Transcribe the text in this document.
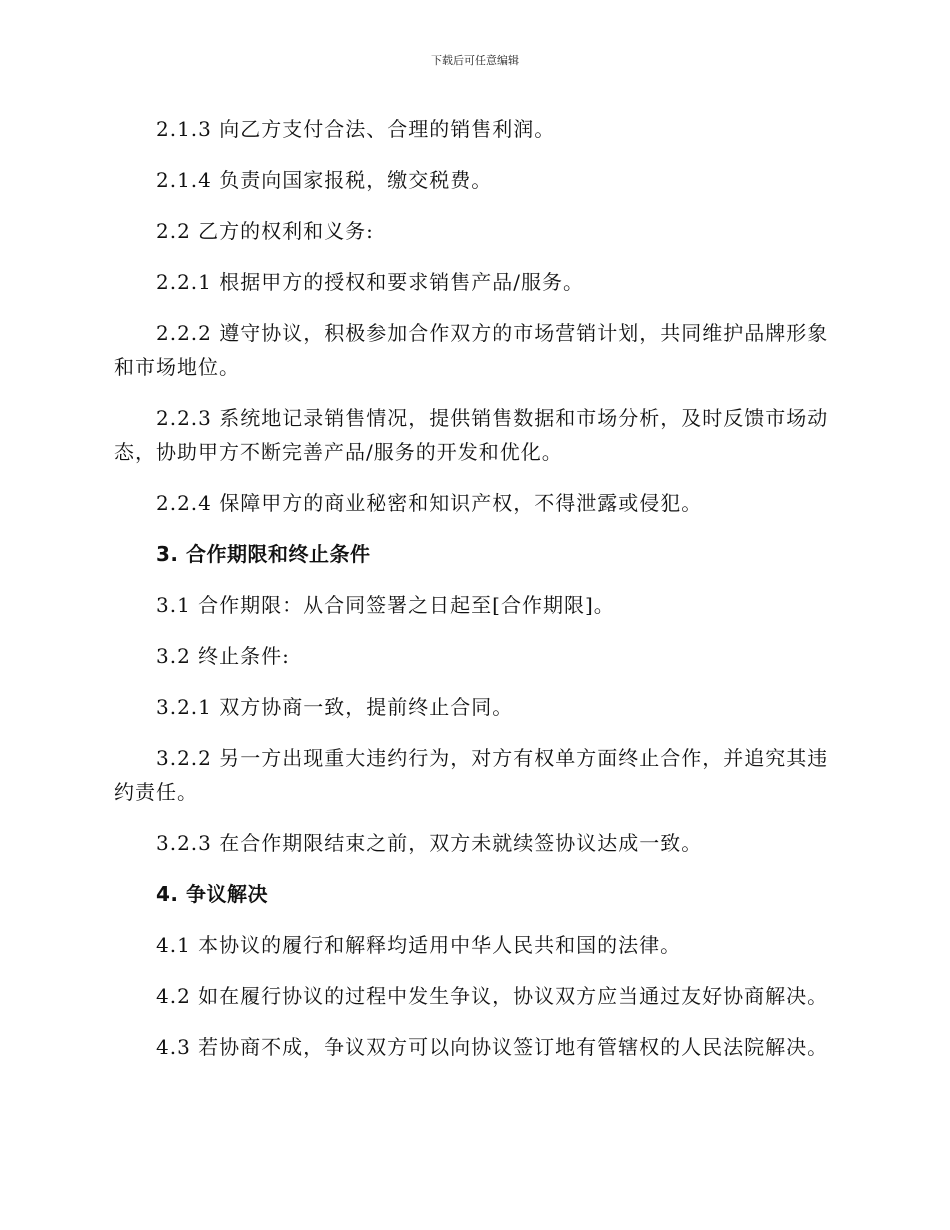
下载后可任意编辑

2.1.3 向乙方支付合法、合理的销售利润。

2.1.4 负责向国家报税，缴交税费。

2.2 乙方的权利和义务:

2.2.1 根据甲方的授权和要求销售产品/服务。

2.2.2 遵守协议，积极参加合作双方的市场营销计划，共同维护品牌形象和市场地位。

2.2.3 系统地记录销售情况，提供销售数据和市场分析，及时反馈市场动态，协助甲方不断完善产品/服务的开发和优化。

2.2.4 保障甲方的商业秘密和知识产权，不得泄露或侵犯。

3. 合作期限和终止条件

3.1 合作期限：从合同签署之日起至[合作期限]。

3.2 终止条件:

3.2.1 双方协商一致，提前终止合同。

3.2.2 另一方出现重大违约行为，对方有权单方面终止合作，并追究其违约责任。

3.2.3 在合作期限结束之前，双方未就续签协议达成一致。

4. 争议解决

4.1 本协议的履行和解释均适用中华人民共和国的法律。

4.2 如在履行协议的过程中发生争议，协议双方应当通过友好协商解决。

4.3 若协商不成，争议双方可以向协议签订地有管辖权的人民法院解决。
